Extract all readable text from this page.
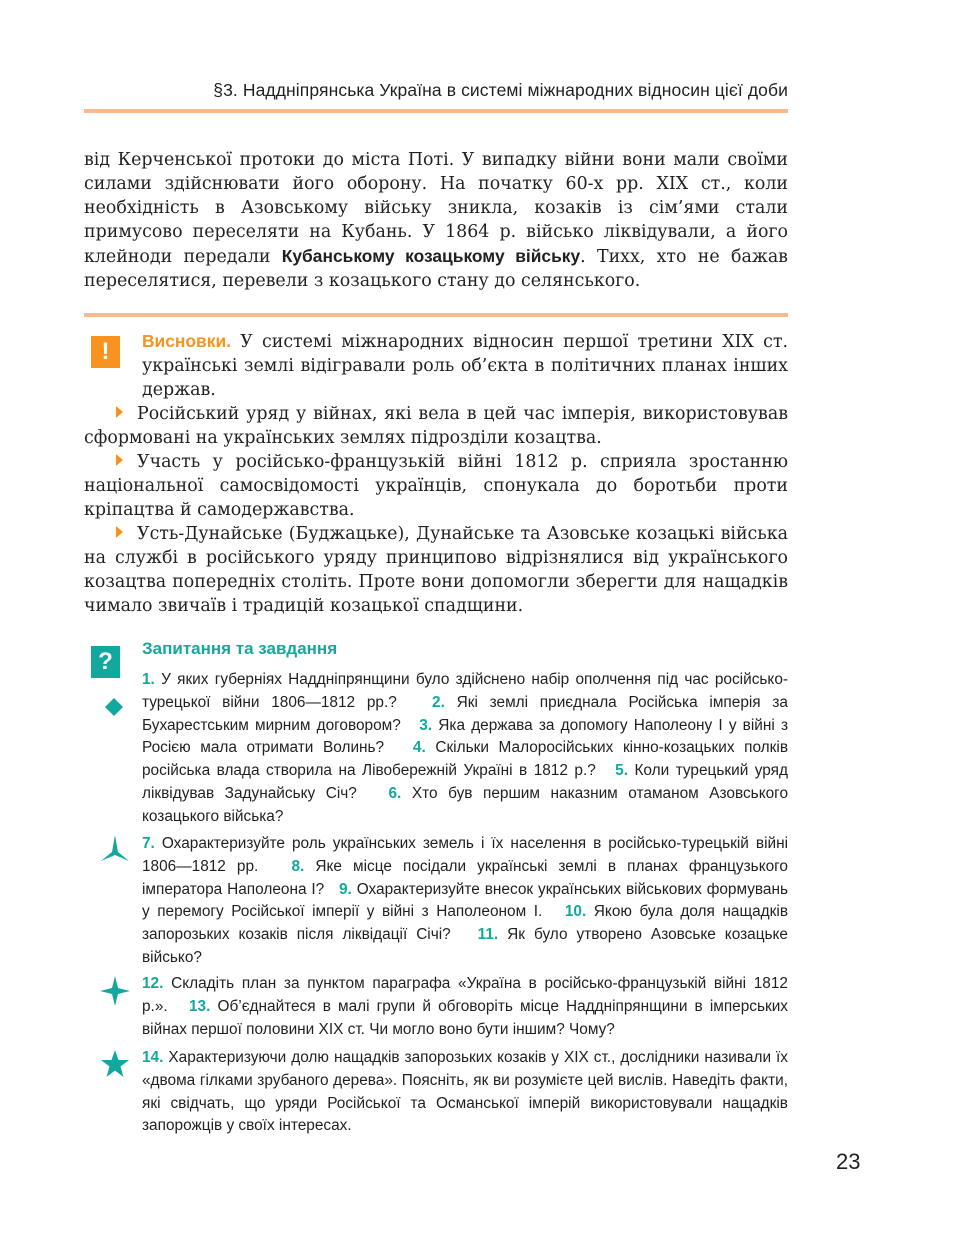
§3. Наддніпрянська Україна в системі міжнародних відносин цієї доби

від Керченської протоки до міста Поті. У випадку війни вони мали своїми силами здійснювати його оборону. На початку 60-х рр. XIX ст., коли необхідність в Азовському війську зникла, козаків із сім’ями стали примусово переселяти на Кубань. У 1864 р. військо ліквідували, а його клейноди передали Кубанському козацькому війську. Тихх, хто не бажав переселятися, перевели з козацького стану до селянського.

!	Висновки. У системі міжнародних відносин першої третини XIX ст. українські землі відігравали роль об’єкта в політичних планах інших держав.

Російський уряд у війнах, які вела в цей час імперія, використовував сформовані на українських землях підрозділи козацтва.

Участь у російсько-французькій війні 1812 р. сприяла зростанню національної самосвідомості українців, спонукала до боротьби проти кріпацтва й самодержавства.

Усть-Дунайське (Буджацьке), Дунайське та Азовське козацькі війська на службі в російського уряду принципово відрізнялися від українського козацтва попередніх століть. Проте вони допомогли зберегти для нащадків чимало звичаїв і традицій козацької спадщини.

?	Запитання та завдання

1. У яких губерніях Наддніпрянщини було здійснено набір ополчення під час російсько-турецької війни 1806—1812 рр.? 2. Які землі приєднала Російська імперія за Бухарестським мирним договором? 3. Яка держава за допомогу Наполеону I у війні з Росією мала отримати Волинь? 4. Скільки Малоросійських кінно-козацьких полків російська влада створила на Лівобережній Україні в 1812 р.? 5. Коли турецький уряд ліквідував Задунайську Січ? 6. Хто був першим наказним отаманом Азовського козацького війська?

7. Охарактеризуйте роль українських земель і їх населення в російсько-турецькій війні 1806—1812 рр. 8. Яке місце посідали українські землі в планах французького імператора Наполеона I? 9. Охарактеризуйте внесок українських військових формувань у перемогу Російської імперії у війні з Наполеоном I. 10. Якою була доля нащадків запорозьких козаків після ліквідації Січі? 11. Як було утворено Азовське козацьке військо?

12. Складіть план за пунктом параграфа «Україна в російсько-французькій війні 1812 р.». 13. Об’єднайтеся в малі групи й обговоріть місце Наддніпрянщини в імперських війнах першої половини XIX ст. Чи могло воно бути іншим? Чому?

14. Характеризуючи долю нащадків запорозьких козаків у XIX ст., дослідники називали їх «двома гілками зрубаного дерева». Поясніть, як ви розумієте цей вислів. Наведіть факти, які свідчать, що уряди Російської та Османської імперій використовували нащадків запорожців у своїх інтересах.

23
